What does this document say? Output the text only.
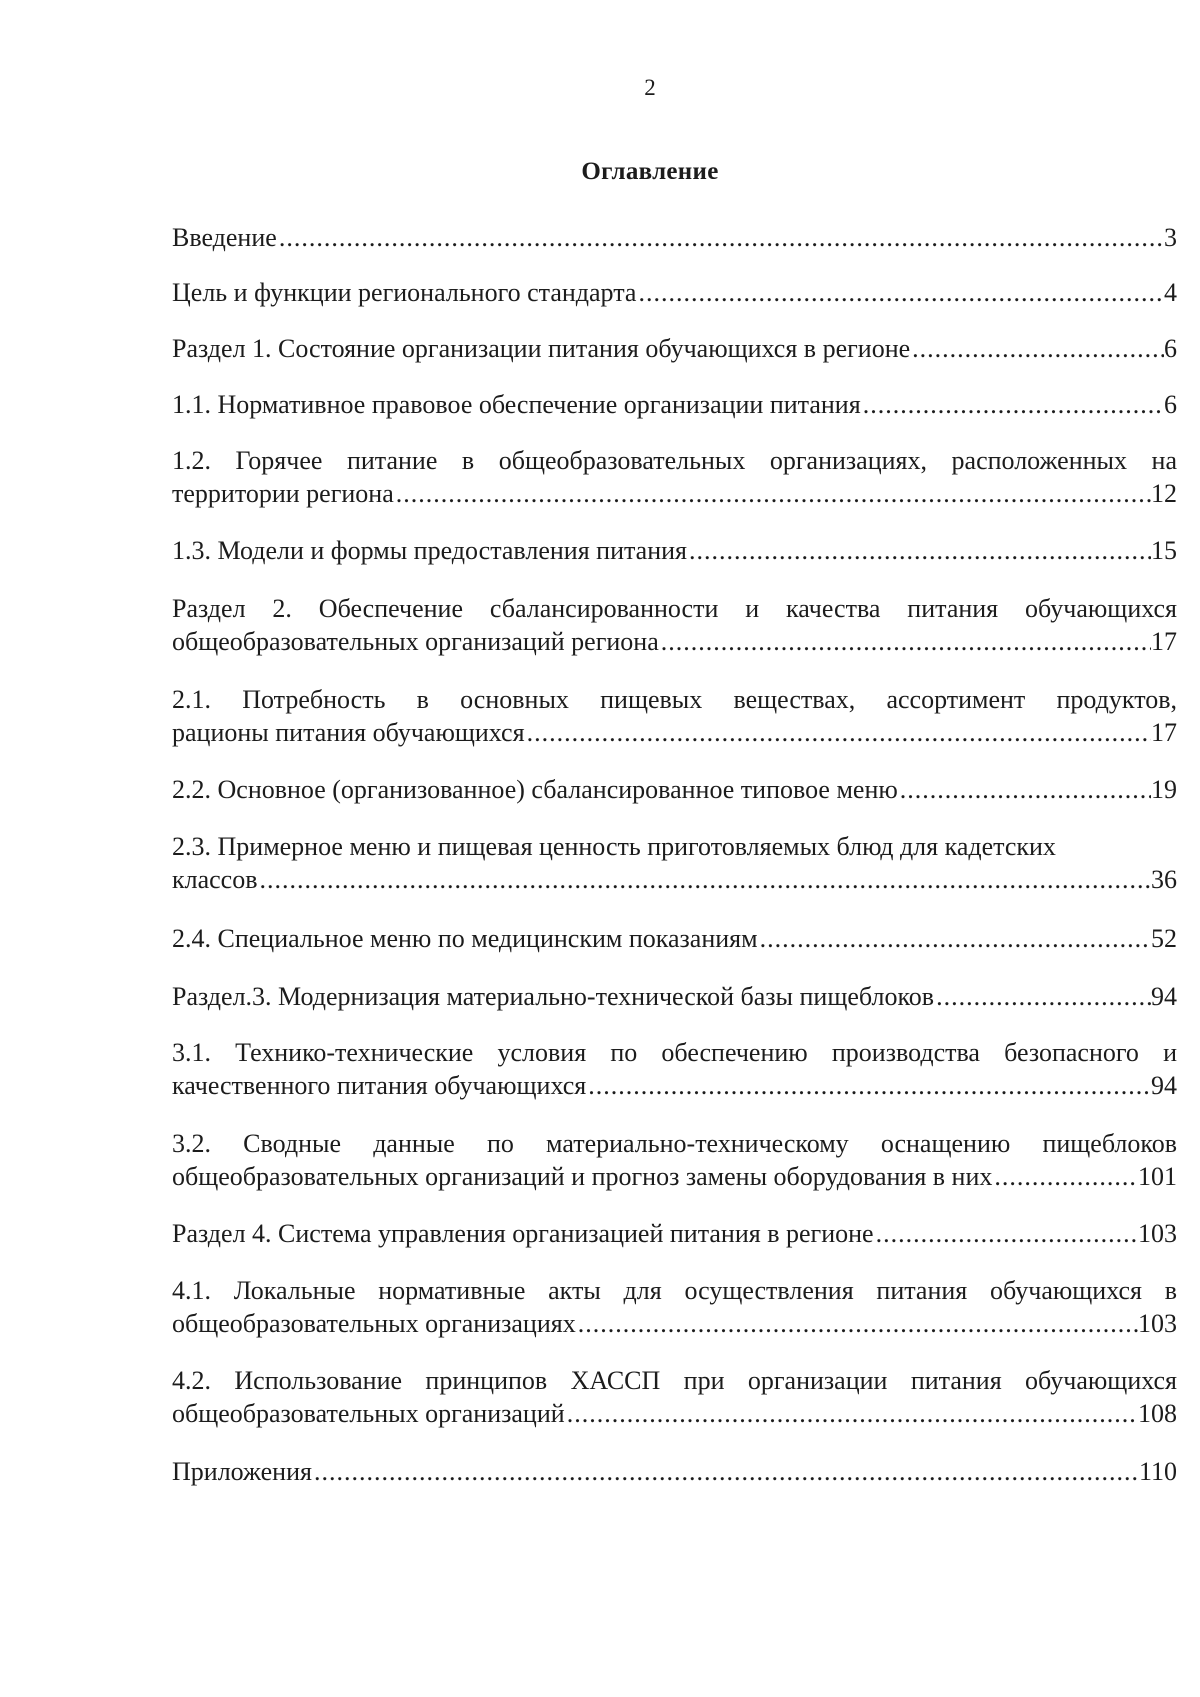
2
Оглавление
Введение .....	3
Цель и функции регионального стандарта .....	4
Раздел 1. Состояние организации питания обучающихся в регионе .....	6
1.1. Нормативное правовое обеспечение организации питания .....	6
1.2. Горячее питание в общеобразовательных организациях, расположенных на
территории региона .....	12
1.3. Модели и формы предоставления питания .....	15
Раздел 2. Обеспечение сбалансированности и качества питания обучающихся
общеобразовательных организаций региона .....	17
2.1. Потребность в основных пищевых веществах, ассортимент продуктов,
рационы питания обучающихся .....	17
2.2. Основное (организованное) сбалансированное типовое меню .....	19
2.3. Примерное меню и пищевая ценность приготовляемых блюд для кадетских
классов .....	36
2.4. Специальное меню по медицинским показаниям .....	52
Раздел.3. Модернизация материально-технической базы пищеблоков .....	94
3.1. Технико-технические условия по обеспечению производства безопасного и
качественного питания обучающихся .....	94
3.2. Сводные данные по материально-техническому оснащению пищеблоков
общеобразовательных организаций и прогноз замены оборудования в них .....	101
Раздел 4. Система управления организацией питания в регионе .....	103
4.1. Локальные нормативные акты для осуществления питания обучающихся в
общеобразовательных организациях .....	103
4.2. Использование принципов ХАССП при организации питания обучающихся
общеобразовательных организаций .....	108
Приложения .....	110
